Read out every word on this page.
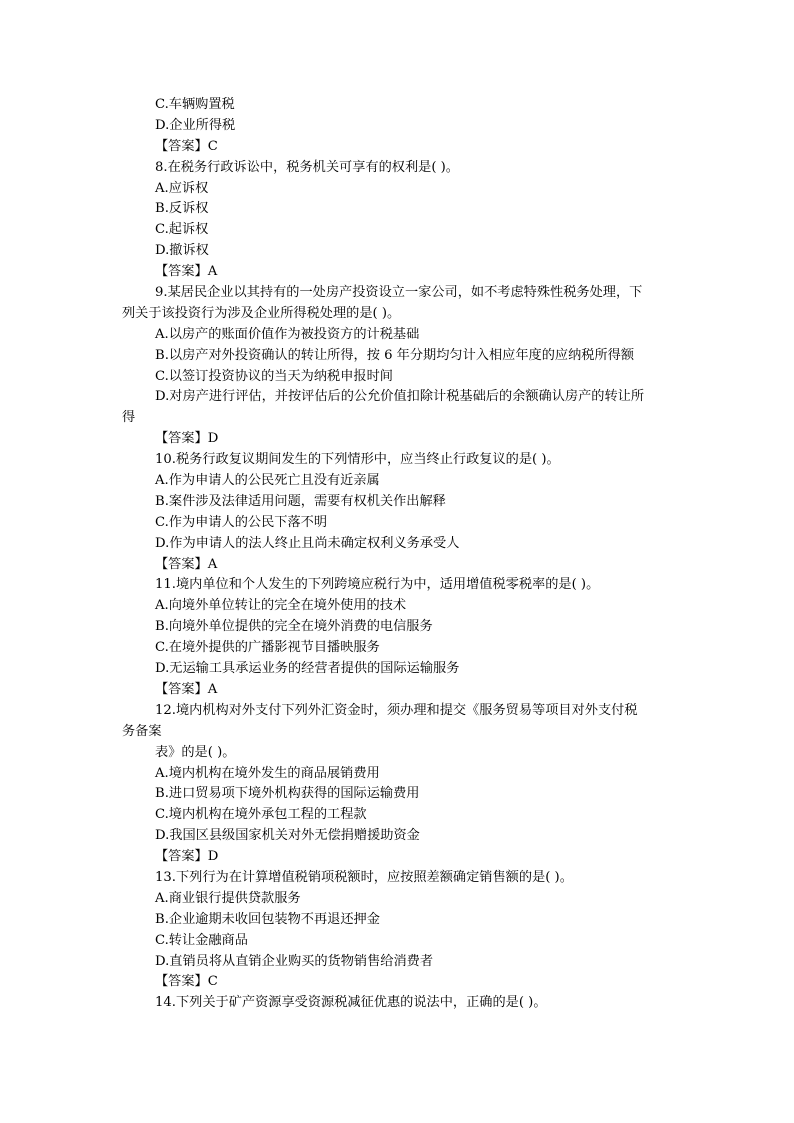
C.车辆购置税
D.企业所得税
【答案】C
8.在税务行政诉讼中，税务机关可享有的权利是( )。
A.应诉权
B.反诉权
C.起诉权
D.撤诉权
【答案】A
9.某居民企业以其持有的一处房产投资设立一家公司，如不考虑特殊性税务处理，下
列关于该投资行为涉及企业所得税处理的是( )。
A.以房产的账面价值作为被投资方的计税基础
B.以房产对外投资确认的转让所得，按 6 年分期均匀计入相应年度的应纳税所得额
C.以签订投资协议的当天为纳税申报时间
D.对房产进行评估，并按评估后的公允价值扣除计税基础后的余额确认房产的转让所
得
【答案】D
10.税务行政复议期间发生的下列情形中，应当终止行政复议的是( )。
A.作为申请人的公民死亡且没有近亲属
B.案件涉及法律适用问题，需要有权机关作出解释
C.作为申请人的公民下落不明
D.作为申请人的法人终止且尚未确定权利义务承受人
【答案】A
11.境内单位和个人发生的下列跨境应税行为中，适用增值税零税率的是( )。
A.向境外单位转让的完全在境外使用的技术
B.向境外单位提供的完全在境外消费的电信服务
C.在境外提供的广播影视节目播映服务
D.无运输工具承运业务的经营者提供的国际运输服务
【答案】A
12.境内机构对外支付下列外汇资金时，须办理和提交《服务贸易等项目对外支付税
务备案
表》的是( )。
A.境内机构在境外发生的商品展销费用
B.进口贸易项下境外机构获得的国际运输费用
C.境内机构在境外承包工程的工程款
D.我国区县级国家机关对外无偿捐赠援助资金
【答案】D
13.下列行为在计算增值税销项税额时，应按照差额确定销售额的是( )。
A.商业银行提供贷款服务
B.企业逾期未收回包装物不再退还押金
C.转让金融商品
D.直销员将从直销企业购买的货物销售给消费者
【答案】C
14.下列关于矿产资源享受资源税减征优惠的说法中，正确的是( )。
